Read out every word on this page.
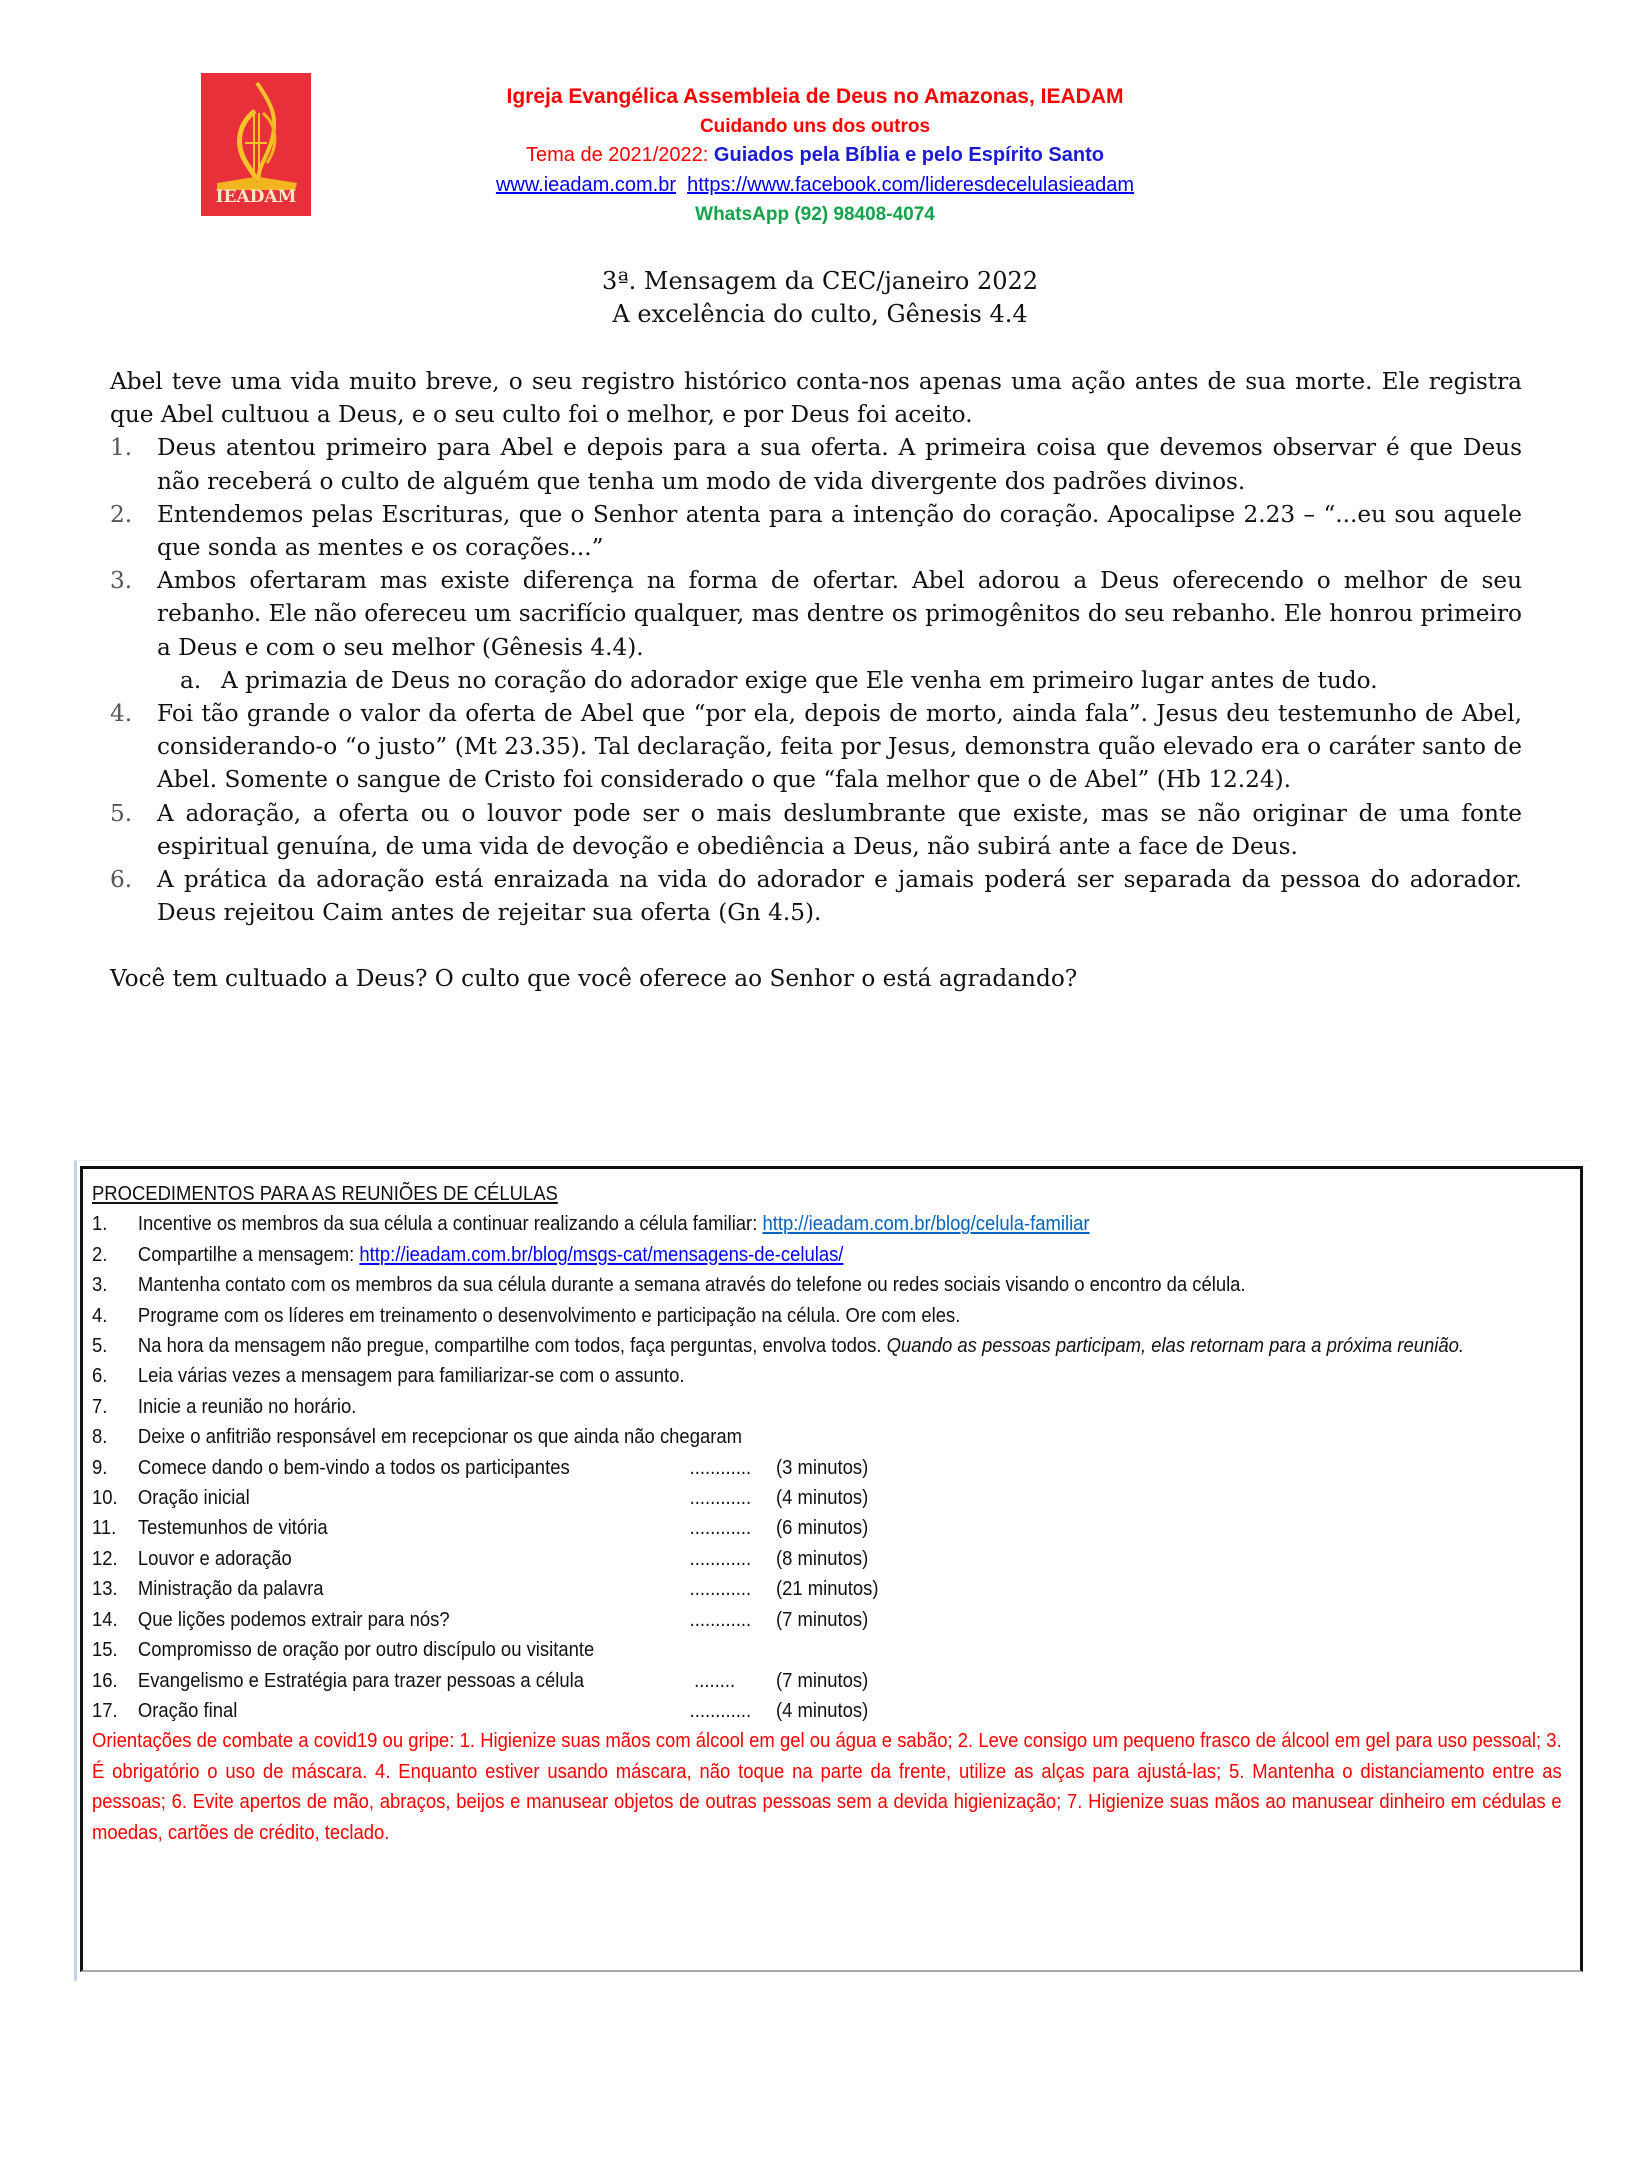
IEADAM
Igreja Evangélica Assembleia de Deus no Amazonas, IEADAM
Cuidando uns dos outros
Tema de 2021/2022: Guiados pela Bíblia e pelo Espírito Santo
www.ieadam.com.br https://www.facebook.com/lideresdecelulasieadam
WhatsApp (92) 98408-4074
3ª. Mensagem da CEC/janeiro 2022
A excelência do culto, Gênesis 4.4

Abel teve uma vida muito breve, o seu registro histórico conta-nos apenas uma ação antes de sua morte. Ele registra que Abel cultuou a Deus, e o seu culto foi o melhor, e por Deus foi aceito.

1. Deus atentou primeiro para Abel e depois para a sua oferta. A primeira coisa que devemos observar é que Deus não receberá o culto de alguém que tenha um modo de vida divergente dos padrões divinos.
2. Entendemos pelas Escrituras, que o Senhor atenta para a intenção do coração. Apocalipse 2.23 – “...eu sou aquele que sonda as mentes e os corações...”
3. Ambos ofertaram mas existe diferença na forma de ofertar. Abel adorou a Deus oferecendo o melhor de seu rebanho. Ele não ofereceu um sacrifício qualquer, mas dentre os primogênitos do seu rebanho. Ele honrou primeiro a Deus e com o seu melhor (Gênesis 4.4).
a. A primazia de Deus no coração do adorador exige que Ele venha em primeiro lugar antes de tudo.
4. Foi tão grande o valor da oferta de Abel que “por ela, depois de morto, ainda fala”. Jesus deu testemunho de Abel, considerando-o “o justo” (Mt 23.35). Tal declaração, feita por Jesus, demonstra quão elevado era o caráter santo de Abel. Somente o sangue de Cristo foi considerado o que “fala melhor que o de Abel” (Hb 12.24).
5. A adoração, a oferta ou o louvor pode ser o mais deslumbrante que existe, mas se não originar de uma fonte espiritual genuína, de uma vida de devoção e obediência a Deus, não subirá ante a face de Deus.
6. A prática da adoração está enraizada na vida do adorador e jamais poderá ser separada da pessoa do adorador. Deus rejeitou Caim antes de rejeitar sua oferta (Gn 4.5).

Você tem cultuado a Deus? O culto que você oferece ao Senhor o está agradando?

PROCEDIMENTOS PARA AS REUNIÕES DE CÉLULAS
1. Incentive os membros da sua célula a continuar realizando a célula familiar: http://ieadam.com.br/blog/celula-familiar
2. Compartilhe a mensagem: http://ieadam.com.br/blog/msgs-cat/mensagens-de-celulas/
3. Mantenha contato com os membros da sua célula durante a semana através do telefone ou redes sociais visando o encontro da célula.
4. Programe com os líderes em treinamento o desenvolvimento e participação na célula. Ore com eles.
5. Na hora da mensagem não pregue, compartilhe com todos, faça perguntas, envolva todos. Quando as pessoas participam, elas retornam para a próxima reunião.
6. Leia várias vezes a mensagem para familiarizar-se com o assunto.
7. Inicie a reunião no horário.
8. Deixe o anfitrião responsável em recepcionar os que ainda não chegaram
9. Comece dando o bem-vindo a todos os participantes	............ (3 minutos)
10. Oração inicial	............ (4 minutos)
11. Testemunhos de vitória	............ (6 minutos)
12. Louvor e adoração	............ (8 minutos)
13. Ministração da palavra	............ (21 minutos)
14. Que lições podemos extrair para nós?	............ (7 minutos)
15. Compromisso de oração por outro discípulo ou visitante
16. Evangelismo e Estratégia para trazer pessoas a célula	........ (7 minutos)
17. Oração final	............ (4 minutos)
Orientações de combate a covid19 ou gripe: 1. Higienize suas mãos com álcool em gel ou água e sabão; 2. Leve consigo um pequeno frasco de álcool em gel para uso pessoal; 3. É obrigatório o uso de máscara. 4. Enquanto estiver usando máscara, não toque na parte da frente, utilize as alças para ajustá-las; 5. Mantenha o distanciamento entre as pessoas; 6. Evite apertos de mão, abraços, beijos e manusear objetos de outras pessoas sem a devida higienização; 7. Higienize suas mãos ao manusear dinheiro em cédulas e moedas, cartões de crédito, teclado.
